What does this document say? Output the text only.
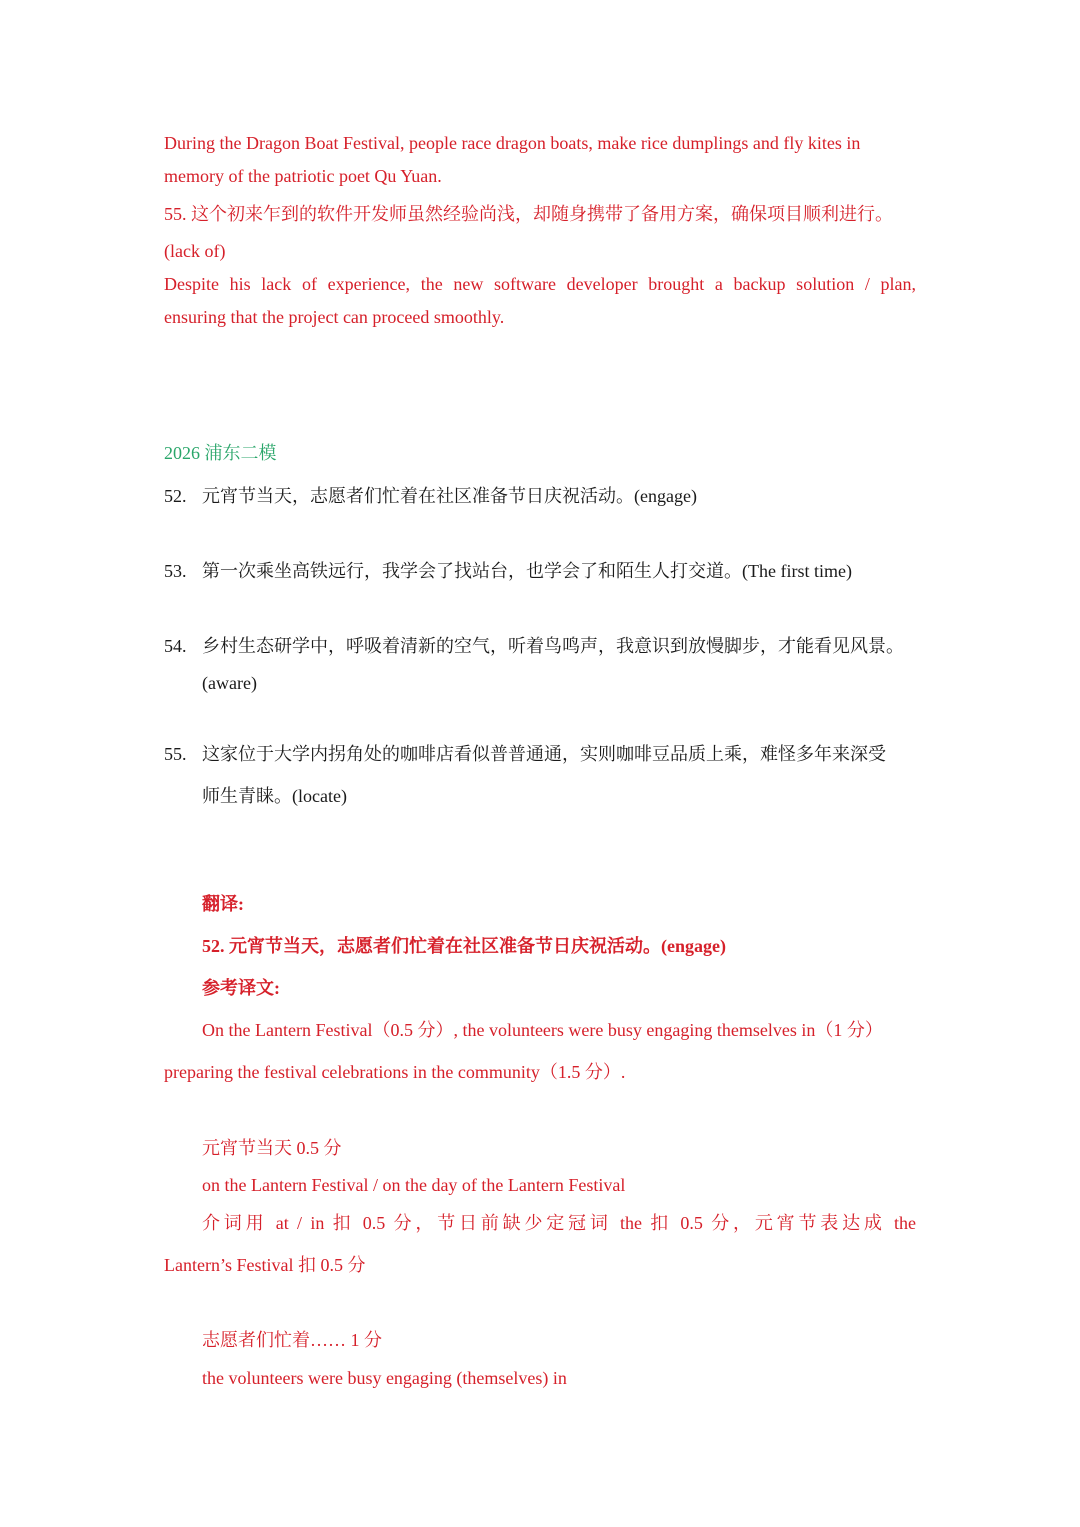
During the Dragon Boat Festival, people race dragon boats, make rice dumplings and fly kites in
memory of the patriotic poet Qu Yuan.
55. 这个初来乍到的软件开发师虽然经验尚浅，却随身携带了备用方案，确保项目顺利进行。
(lack of)
Despite his lack of experience, the new software developer brought a backup solution / plan,
ensuring that the project can proceed smoothly.
2026 浦东二模
52. 元宵节当天，志愿者们忙着在社区准备节日庆祝活动。(engage)
53. 第一次乘坐高铁远行，我学会了找站台，也学会了和陌生人打交道。(The first time)
54. 乡村生态研学中，呼吸着清新的空气，听着鸟鸣声，我意识到放慢脚步，才能看见风景。
(aware)
55. 这家位于大学内拐角处的咖啡店看似普普通通，实则咖啡豆品质上乘，难怪多年来深受
师生青睐。(locate)
翻译:
52. 元宵节当天，志愿者们忙着在社区准备节日庆祝活动。(engage)
参考译文:
On the Lantern Festival（0.5 分）, the volunteers were busy engaging themselves in（1 分）
preparing the festival celebrations in the community（1.5 分）.
元宵节当天 0.5 分
on the Lantern Festival / on the day of the Lantern Festival
介词用 at / in 扣 0.5 分，节日前缺少定冠词 the 扣 0.5 分，元宵节表达成 the
Lantern’s Festival 扣 0.5 分
志愿者们忙着…… 1 分
the volunteers were busy engaging (themselves) in
